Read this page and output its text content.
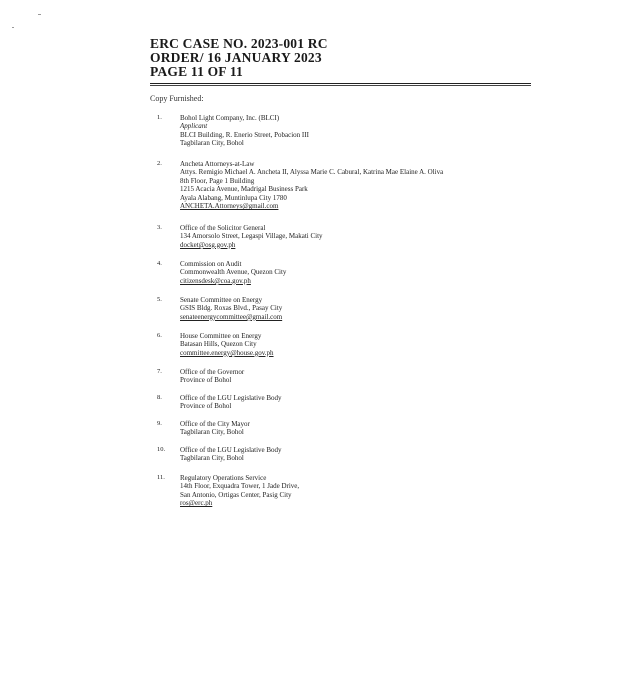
ERC CASE NO. 2023-001 RC
ORDER/ 16 JANUARY 2023
PAGE 11 OF 11
Copy Furnished:
1.	Bohol Light Company, Inc. (BLCI)
Applicant
BLCI Building, R. Enerio Street, Pobacion III
Tagbilaran City, Bohol
2.	Ancheta Attorneys-at-Law
Attys. Remigio Michael A. Ancheta II, Alyssa Marie C. Cabural, Katrina Mae Elaine A. Oliva
8th Floor, Page 1 Building
1215 Acacia Avenue, Madrigal Business Park
Ayala Alabang, Muntinlupa City 1780
ANCHETA.Attorneys@gmail.com
3.	Office of the Solicitor General
134 Amorsolo Street, Legaspi Village, Makati City
docket@osg.gov.ph
4.	Commission on Audit
Commonwealth Avenue, Quezon City
citizensdesk@coa.gov.ph
5.	Senate Committee on Energy
GSIS Bldg. Roxas Blvd., Pasay City
senateenergycommittee@gmail.com
6.	House Committee on Energy
Batasan Hills, Quezon City
committee.energy@house.gov.ph
7.	Office of the Governor
Province of Bohol
8.	Office of the LGU Legislative Body
Province of Bohol
9.	Office of the City Mayor
Tagbilaran City, Bohol
10.	Office of the LGU Legislative Body
Tagbilaran City, Bohol
11.	Regulatory Operations Service
14th Floor, Exquadra Tower, 1 Jade Drive,
San Antonio, Ortigas Center, Pasig City
ros@erc.ph
